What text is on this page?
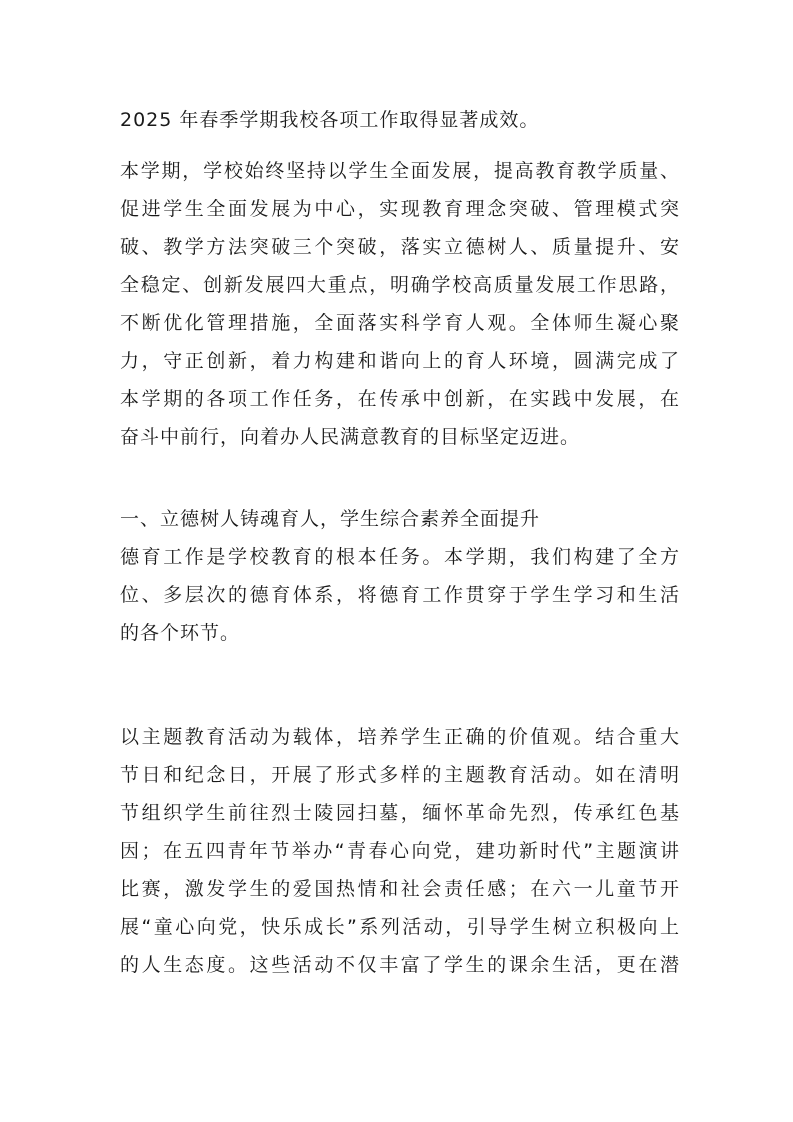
2025 年春季学期我校各项工作取得显著成效。
本学期，学校始终坚持以学生全面发展，提高教育教学质量、
促进学生全面发展为中心，实现教育理念突破、管理模式突
破、教学方法突破三个突破，落实立德树人、质量提升、安
全稳定、创新发展四大重点，明确学校高质量发展工作思路，
不断优化管理措施，全面落实科学育人观。全体师生凝心聚
力，守正创新，着力构建和谐向上的育人环境，圆满完成了
本学期的各项工作任务，在传承中创新，在实践中发展，在
奋斗中前行，向着办人民满意教育的目标坚定迈进。
一、立德树人铸魂育人，学生综合素养全面提升
德育工作是学校教育的根本任务。本学期，我们构建了全方
位、多层次的德育体系，将德育工作贯穿于学生学习和生活
的各个环节。
以主题教育活动为载体，培养学生正确的价值观。结合重大
节日和纪念日，开展了形式多样的主题教育活动。如在清明
节组织学生前往烈士陵园扫墓，缅怀革命先烈，传承红色基
因；在五四青年节举办“青春心向党，建功新时代”主题演讲
比赛，激发学生的爱国热情和社会责任感；在六一儿童节开
展“童心向党，快乐成长”系列活动，引导学生树立积极向上
的人生态度。这些活动不仅丰富了学生的课余生活，更在潜
